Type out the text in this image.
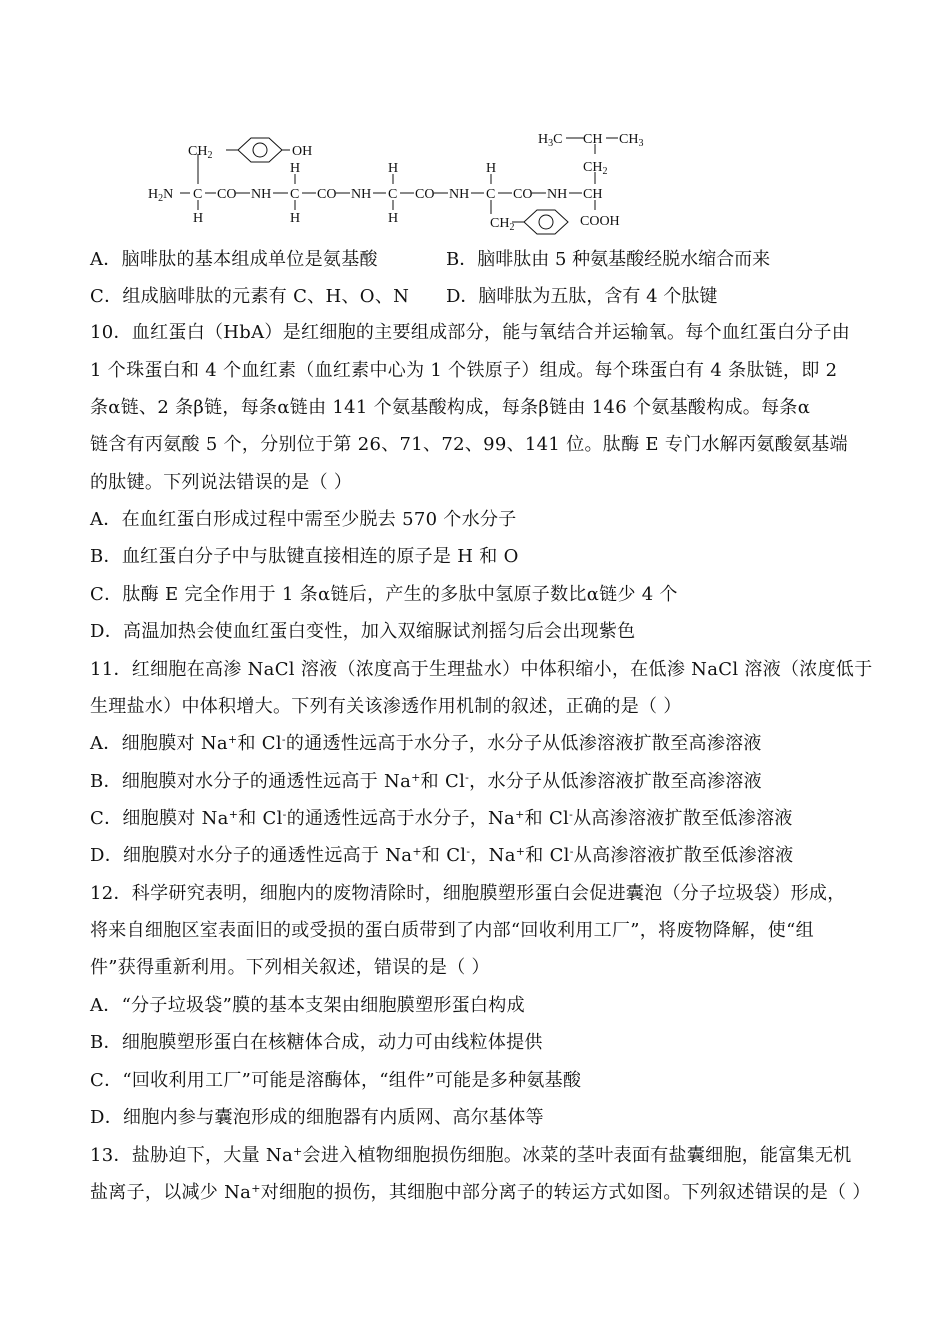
$CH_2$	OH
$H_2N$ C
H
CO NH
H
C
H
CO NH
H
C
H
CO NH
H
C
$CH_2$
CO NH CH
$CH_2$
CH
$H_3C$	$CH_3$
COOH
A．脑啡肽的基本组成单位是氨基酸	B．脑啡肽由 5 种氨基酸经脱水缩合而来
C．组成脑啡肽的元素有 C、H、O、N	D．脑啡肽为五肽，含有 4 个肽键
10．血红蛋白（HbA）是红细胞的主要组成部分，能与氧结合并运输氧。每个血红蛋白分子由
1 个珠蛋白和 4 个血红素（血红素中心为 1 个铁原子）组成。每个珠蛋白有 4 条肽链，即 2
条α链、2 条β链，每条α链由 141 个氨基酸构成，每条β链由 146 个氨基酸构成。每条α
链含有丙氨酸 5 个，分别位于第 26、71、72、99、141 位。肽酶 E 专门水解丙氨酸氨基端
的肽键。下列说法错误的是（ ）
A．在血红蛋白形成过程中需至少脱去 570 个水分子
B．血红蛋白分子中与肽键直接相连的原子是 H 和 O
C．肽酶 E 完全作用于 1 条α链后，产生的多肽中氢原子数比α链少 4 个
D．高温加热会使血红蛋白变性，加入双缩脲试剂摇匀后会出现紫色
11．红细胞在高渗 NaCl 溶液（浓度高于生理盐水）中体积缩小，在低渗 NaCl 溶液（浓度低于
生理盐水）中体积增大。下列有关该渗透作用机制的叙述，正确的是（ ）
A．细胞膜对 Na+和 Cl-的通透性远高于水分子，水分子从低渗溶液扩散至高渗溶液
B．细胞膜对水分子的通透性远高于 Na+和 Cl-，水分子从低渗溶液扩散至高渗溶液
C．细胞膜对 Na+和 Cl-的通透性远高于水分子，Na+和 Cl-从高渗溶液扩散至低渗溶液
D．细胞膜对水分子的通透性远高于 Na+和 Cl-，Na+和 Cl-从高渗溶液扩散至低渗溶液
12．科学研究表明，细胞内的废物清除时，细胞膜塑形蛋白会促进囊泡（分子垃圾袋）形成，
将来自细胞区室表面旧的或受损的蛋白质带到了内部“回收利用工厂”，将废物降解，使“组
件”获得重新利用。下列相关叙述，错误的是（ ）
A．“分子垃圾袋”膜的基本支架由细胞膜塑形蛋白构成
B．细胞膜塑形蛋白在核糖体合成，动力可由线粒体提供
C．“回收利用工厂”可能是溶酶体，“组件”可能是多种氨基酸
D．细胞内参与囊泡形成的细胞器有内质网、高尔基体等
13．盐胁迫下，大量 Na+会进入植物细胞损伤细胞。冰菜的茎叶表面有盐囊细胞，能富集无机
盐离子，以减少 Na+对细胞的损伤，其细胞中部分离子的转运方式如图。下列叙述错误的是（ ）
